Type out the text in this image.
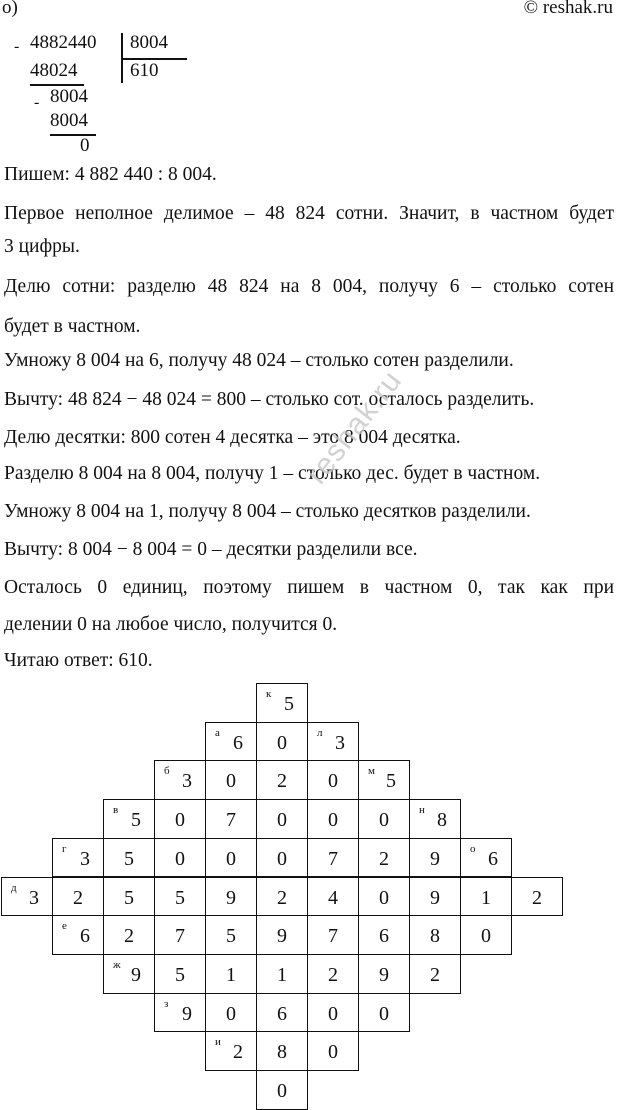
о)	© reshak.ru
- 4882440 8004
610
48024
- 8004
8004
0
Пишем: 4 882 440 : 8 004.
Первое неполное делимое – 48 824 сотни. Значит, в частном будет
3 цифры.
Делю сотни: разделю 48 824 на 8 004, получу 6 – столько сотен
будет в частном.
Умножу 8 004 на 6, получу 48 024 – столько сотен разделили.
Вычту: 48 824 − 48 024 = 800 – столько сот. осталось разделить.
Делю десятки: 800 сотен 4 десятка – это 8 004 десятка.
Разделю 8 004 на 8 004, получу 1 – столько дес. будет в частном.
Умножу 8 004 на 1, получу 8 004 – столько десятков разделили.
Вычту: 8 004 − 8 004 = 0 – десятки разделили все.
Осталось 0 единиц, поэтому пишем в частном 0, так как при
делении 0 на любое число, получится 0.
Читаю ответ: 610.
reshak.ru
к 5
а 6	0	л 3
б 3	0	2	0	м 5
в 5	0	7	0	0	0	н 8
г 3	5	0	0	0	7	2	9	о 6
д 3	2	5	5	9	2	4	0	9	1	2
е 6	2	7	5	9	7	6	8	0
ж 9	5	1	1	2	9	2
з 9	0	6	0	0
и 2	8	0
0
